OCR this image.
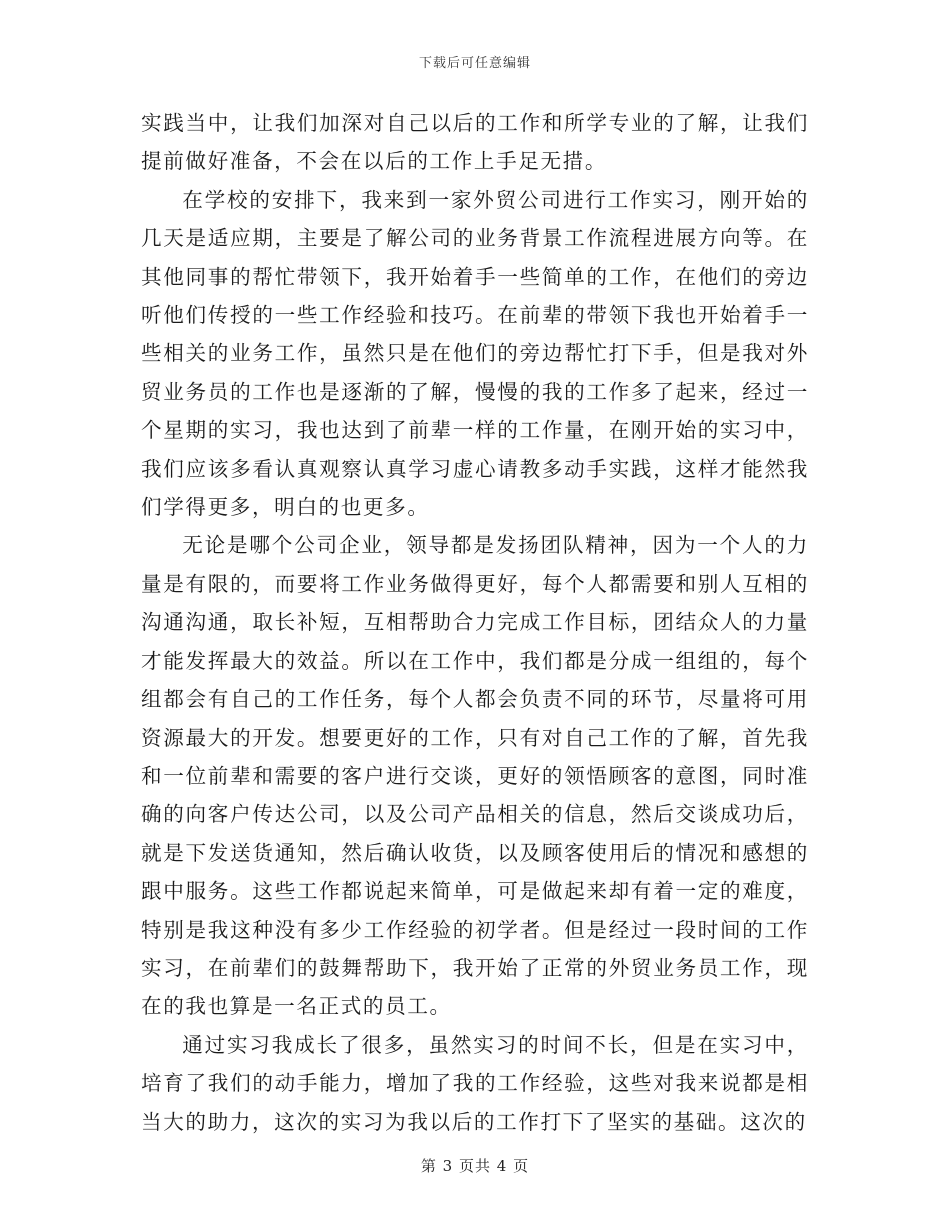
下载后可任意编辑

实践当中，让我们加深对自己以后的工作和所学专业的了解，让我们提前做好准备，不会在以后的工作上手足无措。

在学校的安排下，我来到一家外贸公司进行工作实习，刚开始的几天是适应期，主要是了解公司的业务背景工作流程进展方向等。在其他同事的帮忙带领下，我开始着手一些简单的工作，在他们的旁边听他们传授的一些工作经验和技巧。在前辈的带领下我也开始着手一些相关的业务工作，虽然只是在他们的旁边帮忙打下手，但是我对外贸业务员的工作也是逐渐的了解，慢慢的我的工作多了起来，经过一个星期的实习，我也达到了前辈一样的工作量，在刚开始的实习中，我们应该多看认真观察认真学习虚心请教多动手实践，这样才能然我们学得更多，明白的也更多。

无论是哪个公司企业，领导都是发扬团队精神，因为一个人的力量是有限的，而要将工作业务做得更好，每个人都需要和别人互相的沟通沟通，取长补短，互相帮助合力完成工作目标，团结众人的力量才能发挥最大的效益。所以在工作中，我们都是分成一组组的，每个组都会有自己的工作任务，每个人都会负责不同的环节，尽量将可用资源最大的开发。想要更好的工作，只有对自己工作的了解，首先我和一位前辈和需要的客户进行交谈，更好的领悟顾客的意图，同时准确的向客户传达公司，以及公司产品相关的信息，然后交谈成功后，就是下发送货通知，然后确认收货，以及顾客使用后的情况和感想的跟中服务。这些工作都说起来简单，可是做起来却有着一定的难度，特别是我这种没有多少工作经验的初学者。但是经过一段时间的工作实习，在前辈们的鼓舞帮助下，我开始了正常的外贸业务员工作，现在的我也算是一名正式的员工。

通过实习我成长了很多，虽然实习的时间不长，但是在实习中，培育了我们的动手能力，增加了我的工作经验，这些对我来说都是相当大的助力，这次的实习为我以后的工作打下了坚实的基础。这次的

第 3 页共 4 页
